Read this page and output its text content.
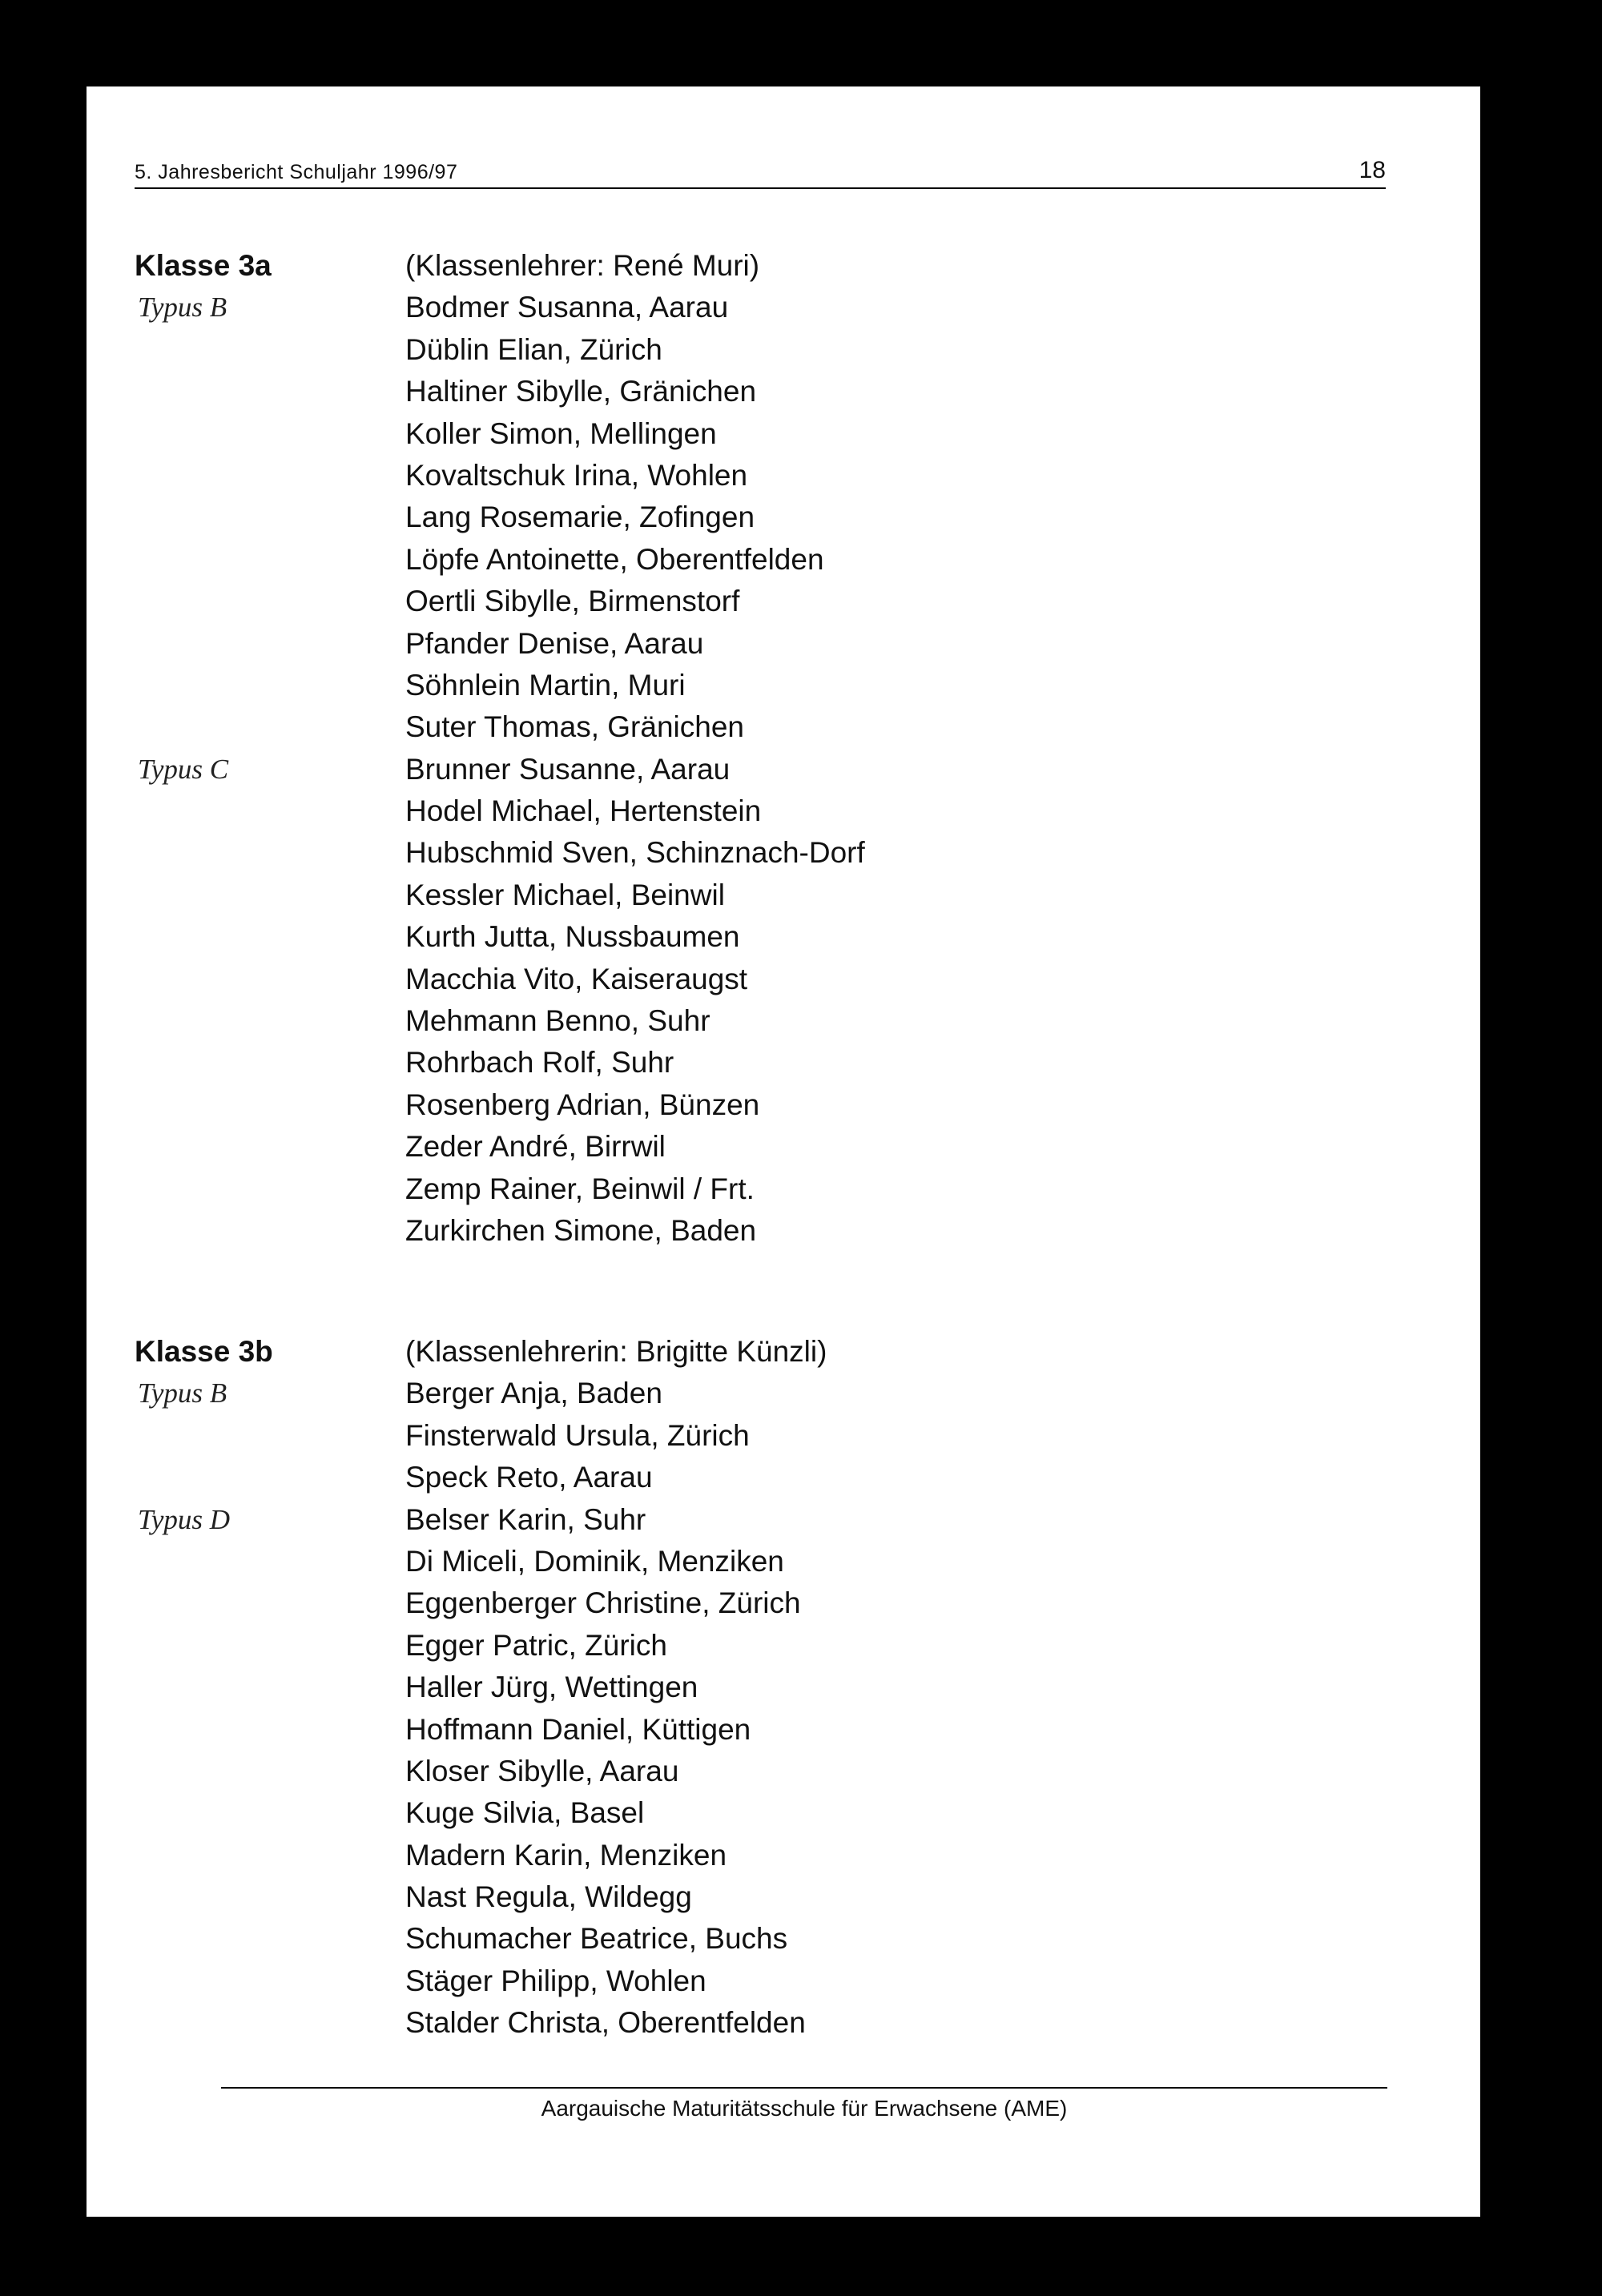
5. Jahresbericht Schuljahr 1996/97	18
Klasse 3a	(Klassenlehrer: René Muri)
Typus B	Bodmer Susanna, Aarau
Düblin Elian, Zürich
Haltiner Sibylle, Gränichen
Koller Simon, Mellingen
Kovaltschuk Irina, Wohlen
Lang Rosemarie, Zofingen
Löpfe Antoinette, Oberentfelden
Oertli Sibylle, Birmenstorf
Pfander Denise, Aarau
Söhnlein Martin, Muri
Suter Thomas, Gränichen
Typus C	Brunner Susanne, Aarau
Hodel Michael, Hertenstein
Hubschmid Sven, Schinznach-Dorf
Kessler Michael, Beinwil
Kurth Jutta, Nussbaumen
Macchia Vito, Kaiseraugst
Mehmann Benno, Suhr
Rohrbach Rolf, Suhr
Rosenberg Adrian, Bünzen
Zeder André, Birrwil
Zemp Rainer, Beinwil / Frt.
Zurkirchen Simone, Baden
Klasse 3b	(Klassenlehrerin: Brigitte Künzli)
Typus B	Berger Anja, Baden
Finsterwald Ursula, Zürich
Speck Reto, Aarau
Typus D	Belser Karin, Suhr
Di Miceli, Dominik, Menziken
Eggenberger Christine, Zürich
Egger Patric, Zürich
Haller Jürg, Wettingen
Hoffmann Daniel, Küttigen
Kloser Sibylle, Aarau
Kuge Silvia, Basel
Madern Karin, Menziken
Nast Regula, Wildegg
Schumacher Beatrice, Buchs
Stäger Philipp, Wohlen
Stalder Christa, Oberentfelden
Aargauische Maturitätsschule für Erwachsene (AME)
